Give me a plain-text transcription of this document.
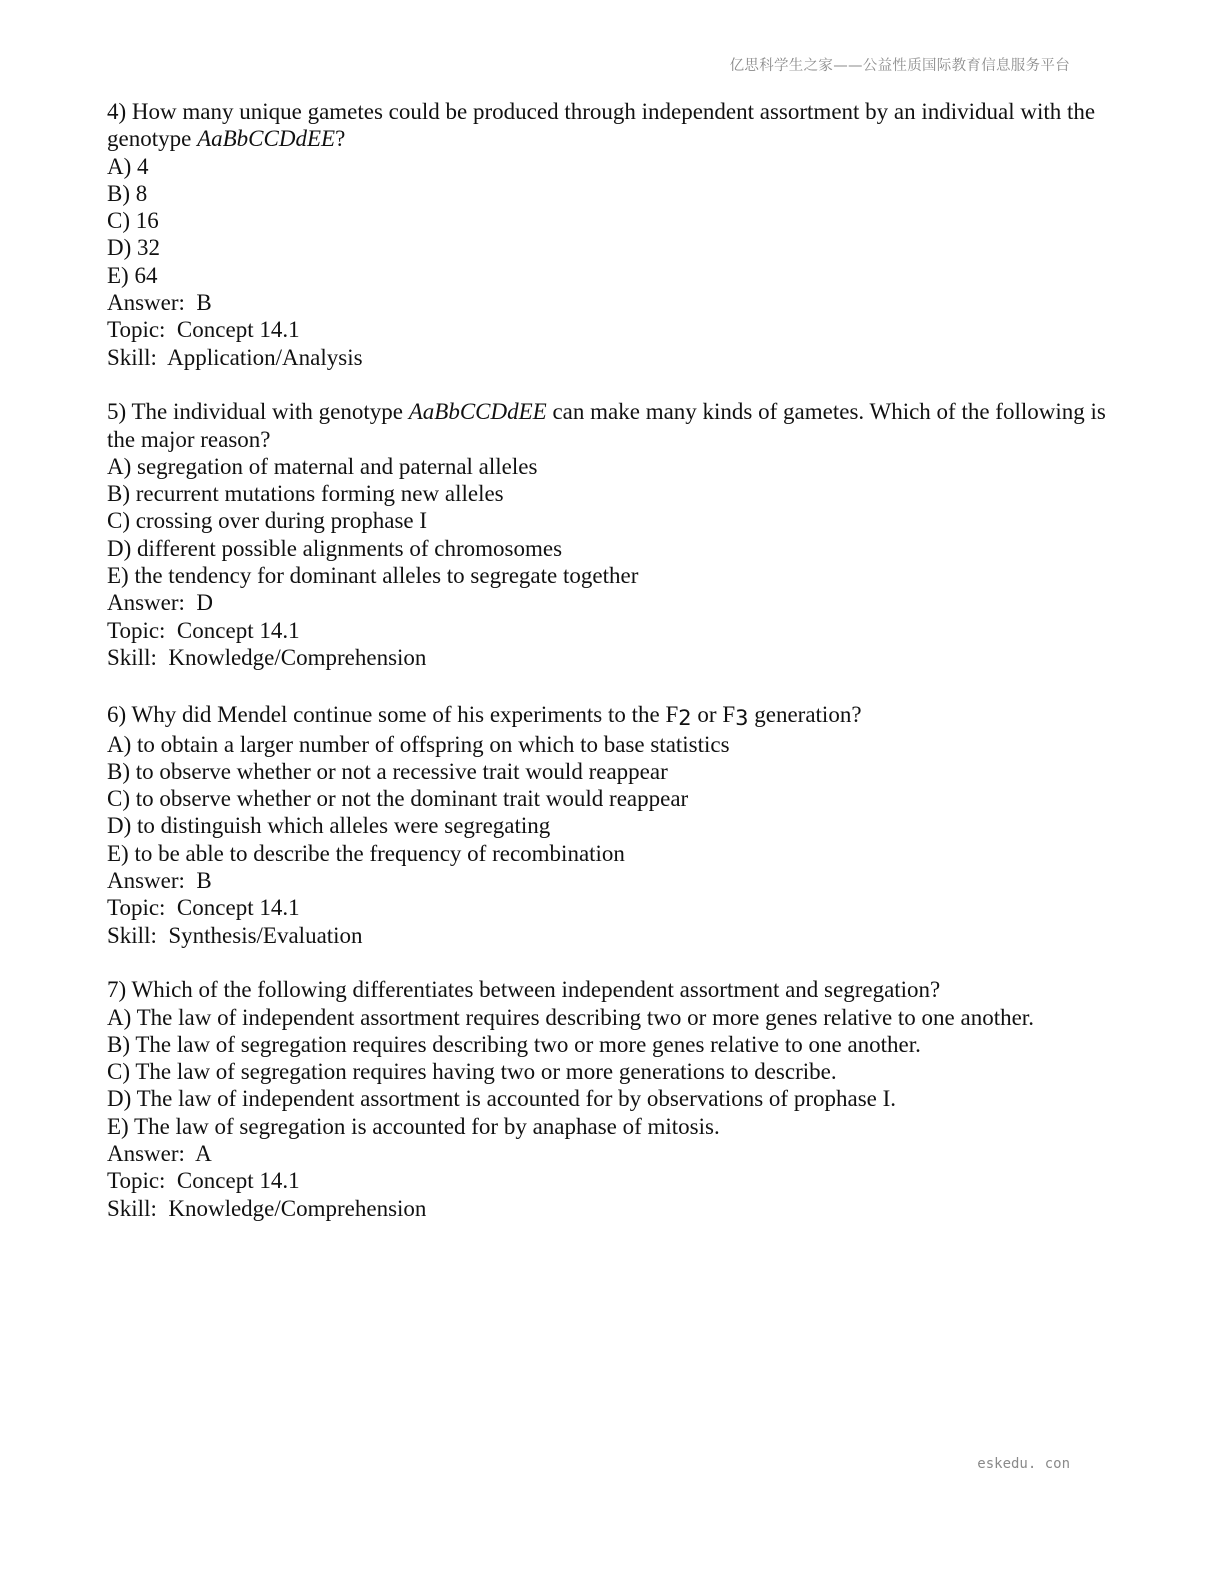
亿思科学生之家——公益性质国际教育信息服务平台
4) How many unique gametes could be produced through independent assortment by an individual with the genotype AaBbCCDdEE?
A) 4
B) 8
C) 16
D) 32
E) 64
Answer:  B
Topic:  Concept 14.1
Skill:  Application/Analysis
5) The individual with genotype AaBbCCDdEE can make many kinds of gametes. Which of the following is the major reason?
A) segregation of maternal and paternal alleles
B) recurrent mutations forming new alleles
C) crossing over during prophase I
D) different possible alignments of chromosomes
E) the tendency for dominant alleles to segregate together
Answer:  D
Topic:  Concept 14.1
Skill:  Knowledge/Comprehension
6) Why did Mendel continue some of his experiments to the F2 or F3 generation?
A) to obtain a larger number of offspring on which to base statistics
B) to observe whether or not a recessive trait would reappear
C) to observe whether or not the dominant trait would reappear
D) to distinguish which alleles were segregating
E) to be able to describe the frequency of recombination
Answer:  B
Topic:  Concept 14.1
Skill:  Synthesis/Evaluation
7) Which of the following differentiates between independent assortment and segregation?
A) The law of independent assortment requires describing two or more genes relative to one another.
B) The law of segregation requires describing two or more genes relative to one another.
C) The law of segregation requires having two or more generations to describe.
D) The law of independent assortment is accounted for by observations of prophase I.
E) The law of segregation is accounted for by anaphase of mitosis.
Answer:  A
Topic:  Concept 14.1
Skill:  Knowledge/Comprehension
eskedu. con
